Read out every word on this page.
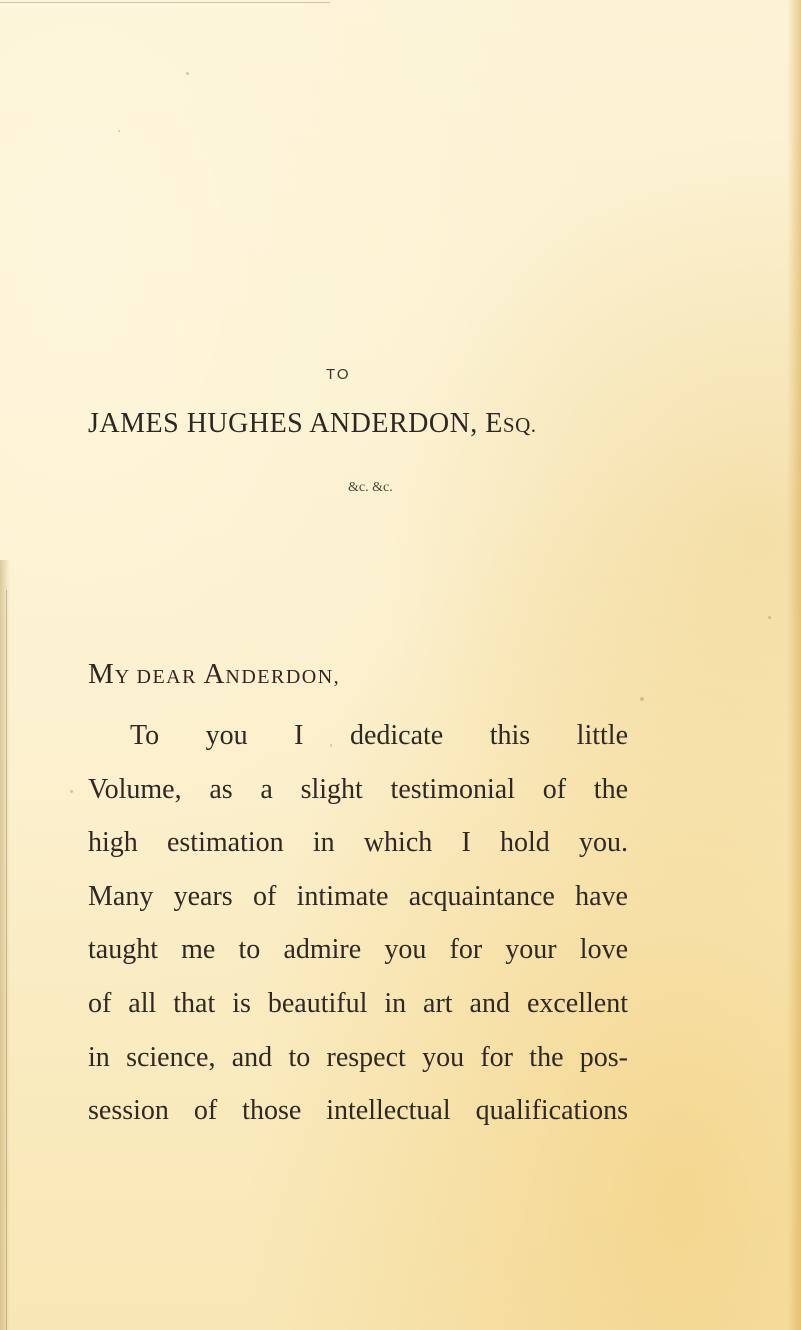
TO
JAMES HUGHES ANDERDON, ESQ.
&c. &c.
MY DEAR ANDERDON,
To you I dedicate this little
Volume, as a slight testimonial of the
high estimation in which I hold you.
Many years of intimate acquaintance have
taught me to admire you for your love
of all that is beautiful in art and excellent
in science, and to respect you for the pos-
session of those intellectual qualifications
